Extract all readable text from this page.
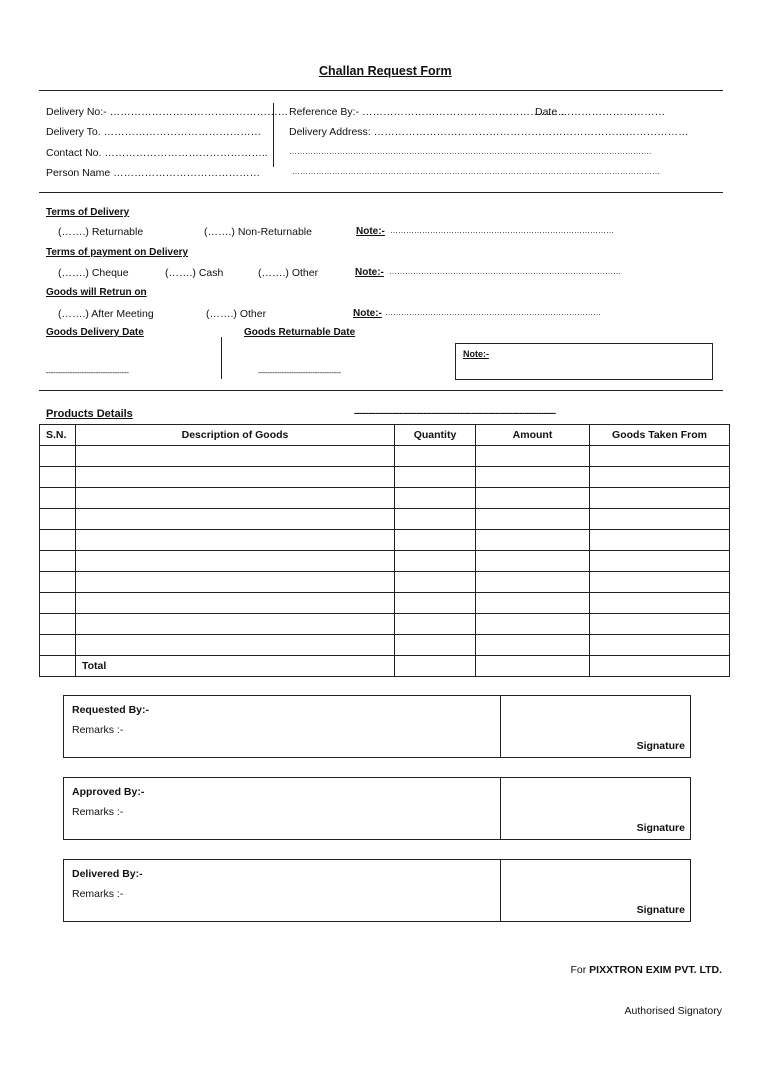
Challan Request Form
Delivery No:- ……………………………………………
Delivery To. ………………………………………
Contact No. ………………………………………..
Person Name ……………………………………
Reference By:- ………………………………………………….
Date …………………………
Delivery Address: ………………………………………………………………………………
……………………………………………………………………………………………………………………….
…………………………………………………………………………………………………………………………
Terms of Delivery
(…….) Returnable	(…….) Non-Returnable	Note:- …………………………………………………………………………
Terms of payment on Delivery
(…….) Cheque	(…….) Cash	(…….) Other	Note:- ……………………………………………………………………………
Goods will Retrun on
(…….) After Meeting	(…….) Other	Note:- ………………………………………………………………………
Goods Delivery Date	Goods Returnable Date
-----------------------------------	-----------------------------------
Note:-
Products Details	------------------------------------------------------------------------------------
S.N.	Description of Goods	Quantity	Amount	Goods Taken From

	Total			
Requested By:-
Remarks :-
Signature
Approved By:-
Remarks :-
Signature
Delivered By:-
Remarks :-
Signature
For PIXXTRON EXIM PVT. LTD.
Authorised Signatory
